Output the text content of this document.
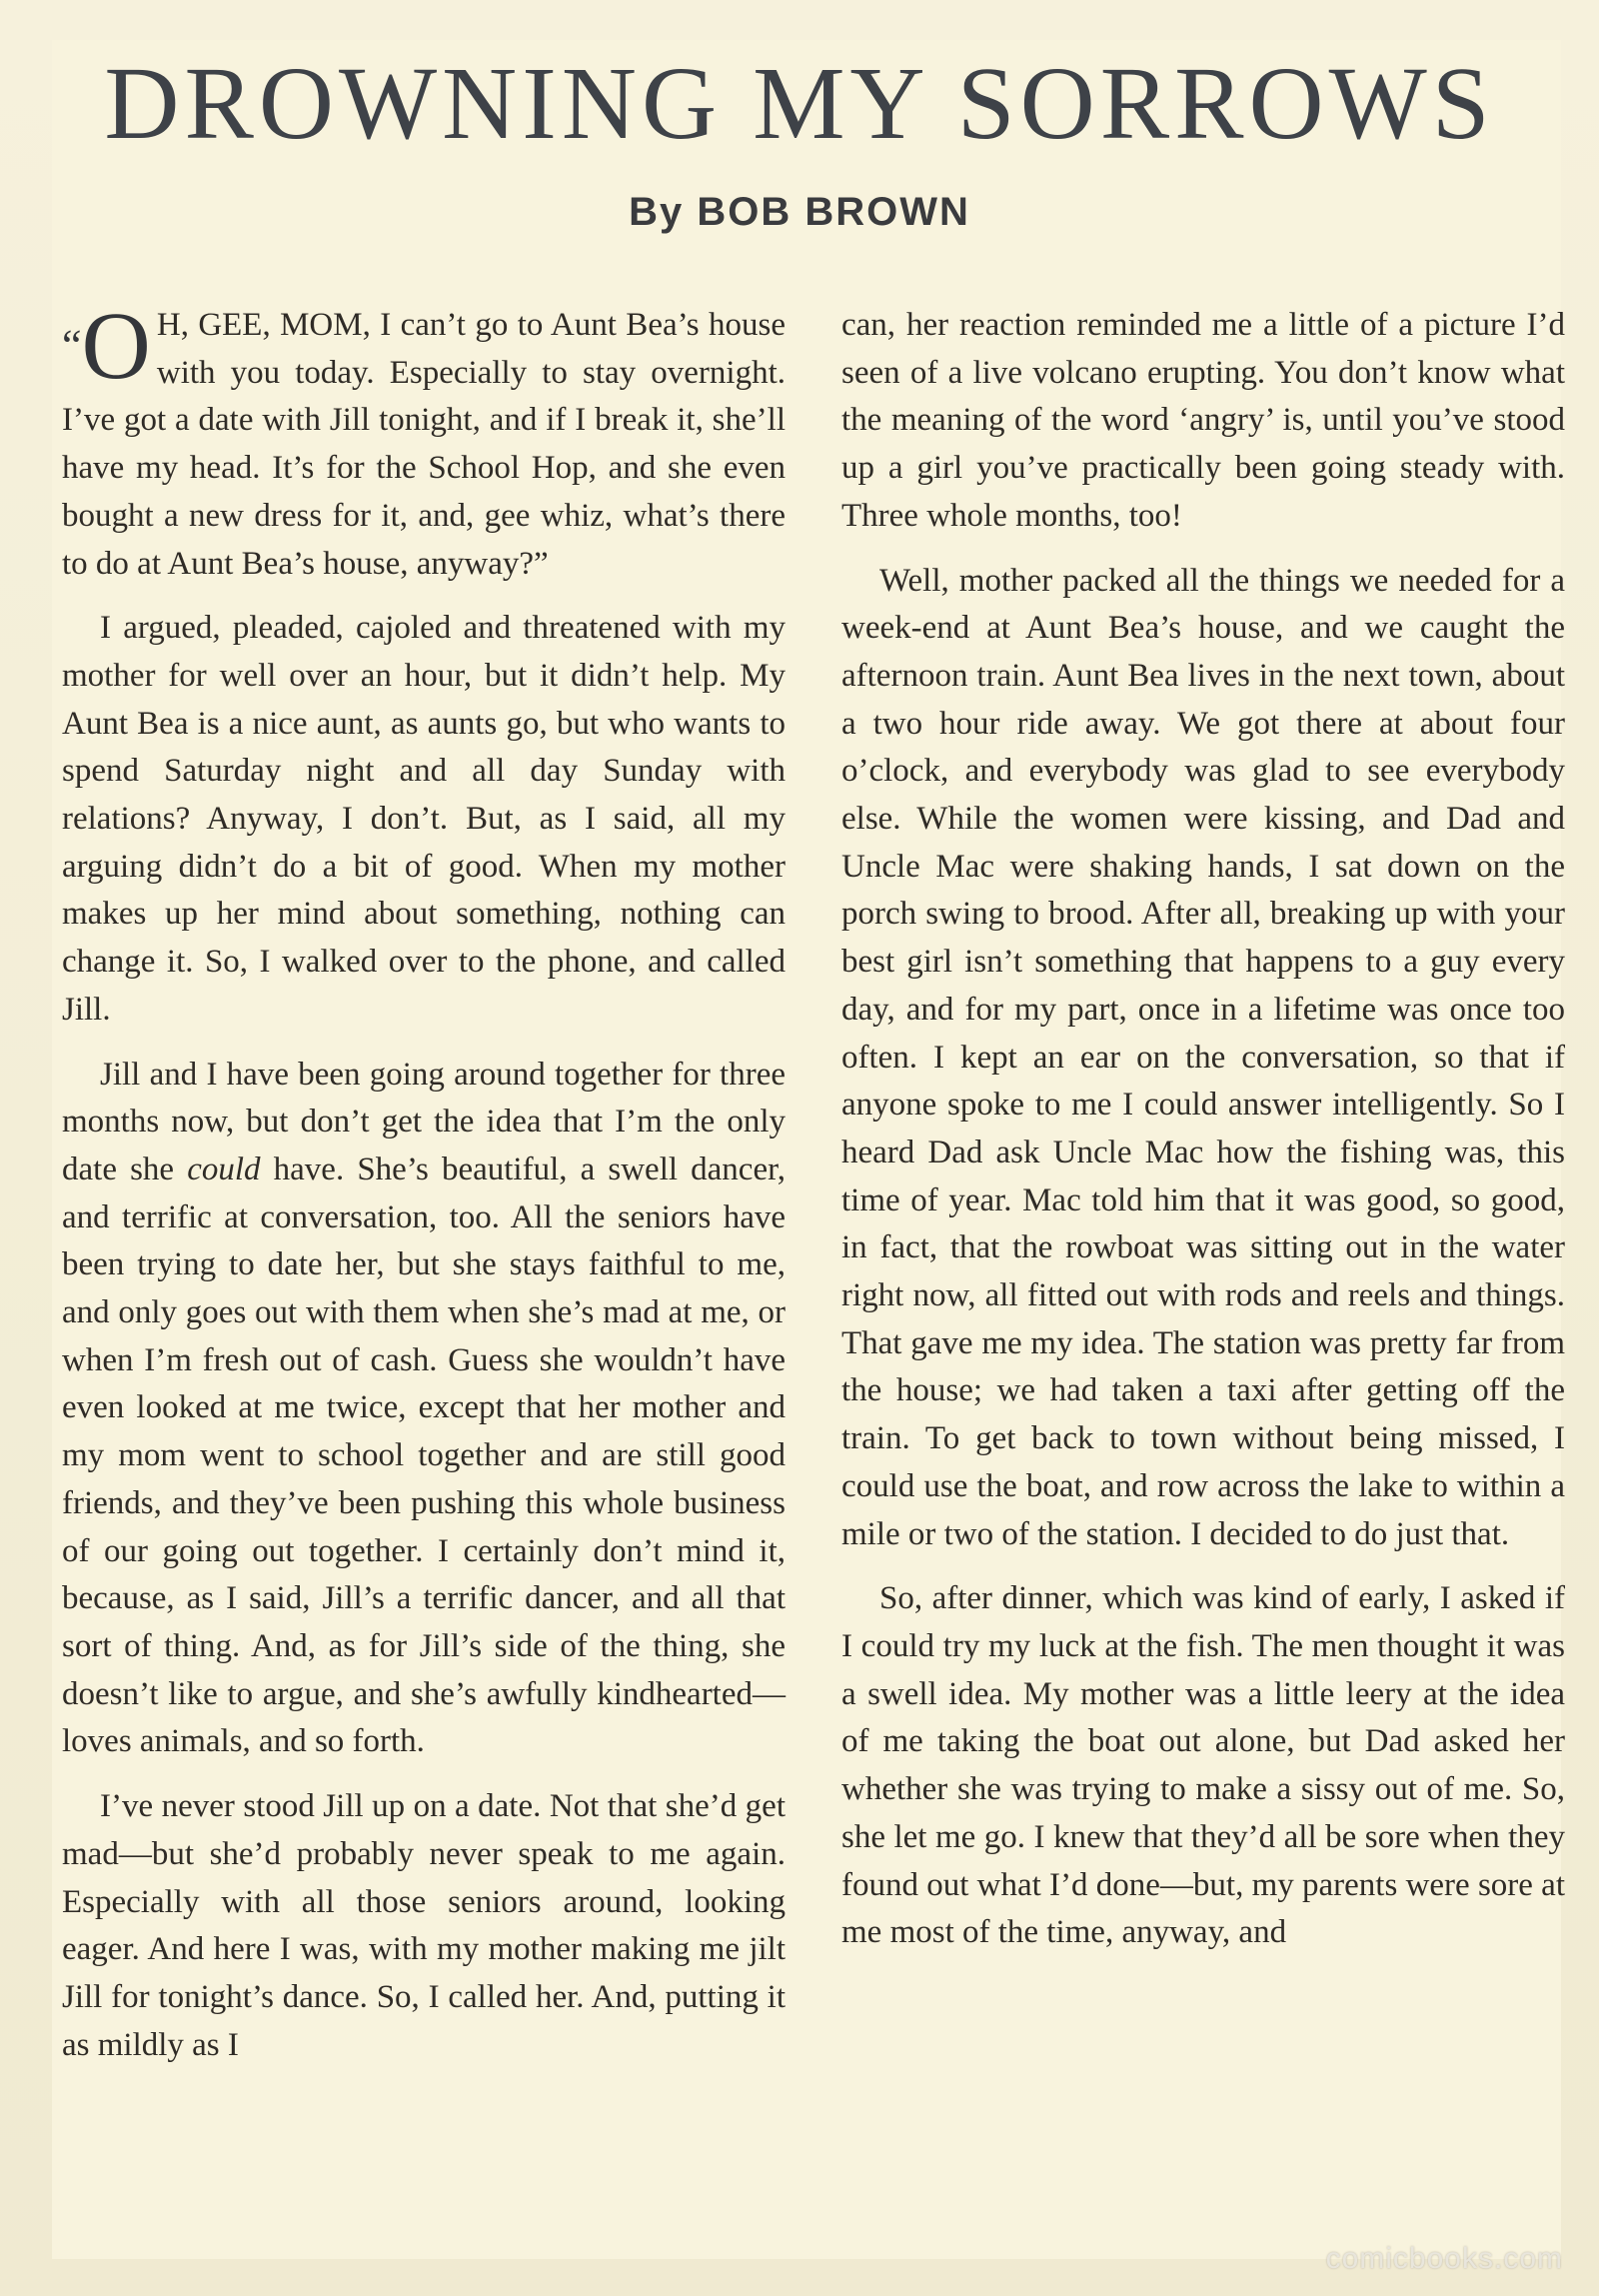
DROWNING MY SORROWS
By BOB BROWN

“O H, GEE, MOM, I can’t go to Aunt Bea’s house with you today. Especially to stay overnight. I’ve got a date with Jill tonight, and if I break it, she’ll have my head. It’s for the School Hop, and she even bought a new dress for it, and, gee whiz, what’s there to do at Aunt Bea’s house, anyway?”

I argued, pleaded, cajoled and threatened with my mother for well over an hour, but it didn’t help. My Aunt Bea is a nice aunt, as aunts go, but who wants to spend Saturday night and all day Sunday with relations? Anyway, I don’t. But, as I said, all my arguing didn’t do a bit of good. When my mother makes up her mind about something, nothing can change it. So, I walked over to the phone, and called Jill.

Jill and I have been going around together for three months now, but don’t get the idea that I’m the only date she could have. She’s beautiful, a swell dancer, and terrific at conversation, too. All the seniors have been trying to date her, but she stays faithful to me, and only goes out with them when she’s mad at me, or when I’m fresh out of cash. Guess she wouldn’t have even looked at me twice, except that her mother and my mom went to school together and are still good friends, and they’ve been pushing this whole business of our going out together. I certainly don’t mind it, because, as I said, Jill’s a terrific dancer, and all that sort of thing. And, as for Jill’s side of the thing, she doesn’t like to argue, and she’s awfully kindhearted—loves animals, and so forth.

I’ve never stood Jill up on a date. Not that she’d get mad—but she’d probably never speak to me again. Especially with all those seniors around, looking eager. And here I was, with my mother making me jilt Jill for tonight’s dance. So, I called her. And, putting it as mildly as I

can, her reaction reminded me a little of a picture I’d seen of a live volcano erupting. You don’t know what the meaning of the word ‘angry’ is, until you’ve stood up a girl you’ve practically been going steady with. Three whole months, too!

Well, mother packed all the things we needed for a week-end at Aunt Bea’s house, and we caught the afternoon train. Aunt Bea lives in the next town, about a two hour ride away. We got there at about four o’clock, and everybody was glad to see everybody else. While the women were kissing, and Dad and Uncle Mac were shaking hands, I sat down on the porch swing to brood. After all, breaking up with your best girl isn’t something that happens to a guy every day, and for my part, once in a lifetime was once too often. I kept an ear on the conversation, so that if anyone spoke to me I could answer intelligently. So I heard Dad ask Uncle Mac how the fishing was, this time of year. Mac told him that it was good, so good, in fact, that the rowboat was sitting out in the water right now, all fitted out with rods and reels and things. That gave me my idea. The station was pretty far from the house; we had taken a taxi after getting off the train. To get back to town without being missed, I could use the boat, and row across the lake to within a mile or two of the station. I decided to do just that.

So, after dinner, which was kind of early, I asked if I could try my luck at the fish. The men thought it was a swell idea. My mother was a little leery at the idea of me taking the boat out alone, but Dad asked her whether she was trying to make a sissy out of me. So, she let me go. I knew that they’d all be sore when they found out what I’d done—but, my parents were sore at me most of the time, anyway, and

comicbooks.com
